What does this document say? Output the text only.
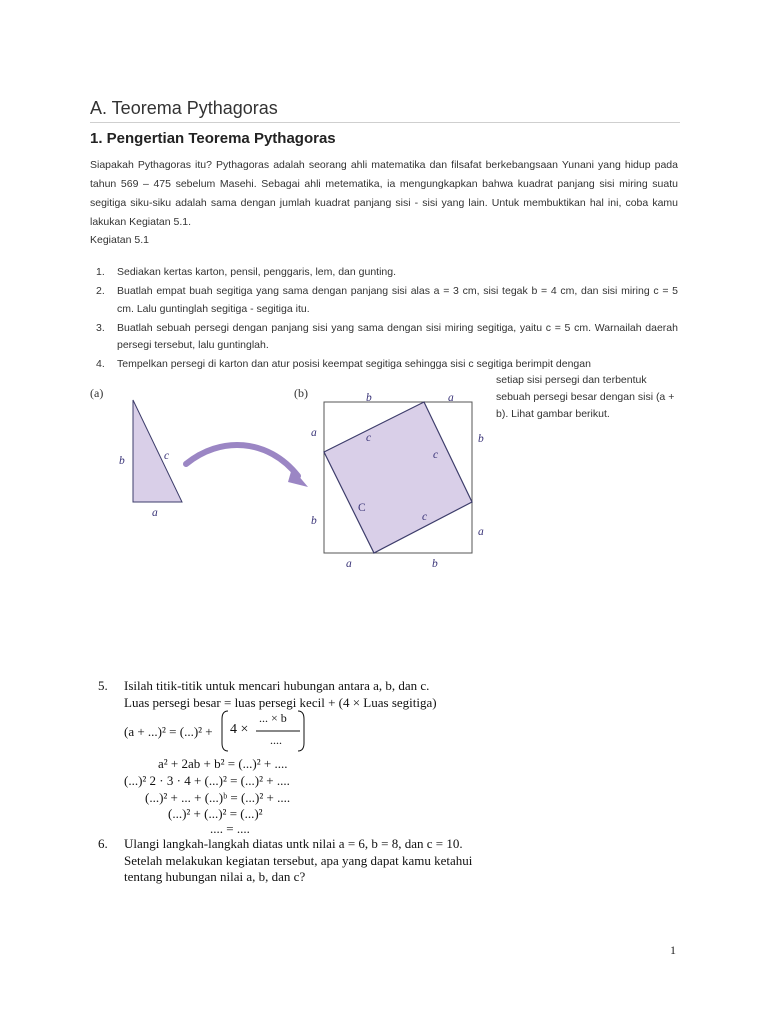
A. Teorema Pythagoras
1. Pengertian Teorema Pythagoras
Siapakah Pythagoras itu? Pythagoras adalah seorang ahli matematika dan filsafat berkebangsaan Yunani yang hidup pada tahun 569 – 475 sebelum Masehi. Sebagai ahli metematika, ia mengungkapkan bahwa kuadrat panjang sisi miring suatu segitiga siku-siku adalah sama dengan jumlah kuadrat panjang sisi - sisi yang lain. Untuk membuktikan hal ini, coba kamu lakukan Kegiatan 5.1.
Kegiatan 5.1
1.	Sediakan kertas karton, pensil, penggaris, lem, dan gunting.
2.	Buatlah empat buah segitiga yang sama dengan panjang sisi alas a = 3 cm, sisi tegak b = 4 cm, dan sisi miring c = 5 cm. Lalu guntinglah segitiga - segitiga itu.
3.	Buatlah sebuah persegi dengan panjang sisi yang sama dengan sisi miring segitiga, yaitu c = 5 cm. Warnailah daerah persegi tersebut, lalu guntinglah.
4.	Tempelkan persegi di karton dan atur posisi keempat segitiga sehingga sisi c segitiga berimpit dengan
setiap sisi persegi dan terbentuk sebuah persegi besar dengan sisi (a + b). Lihat gambar berikut.
(a)	(b)
b	c
a
b	a
a
b
b
a
a	b
c
c
C
c
5. Isilah titik-titik untuk mencari hubungan antara a, b, dan c.
Luas persegi besar = luas persegi kecil + (4 × Luas segitiga)
(a + ...)² = (...)² + 4 ×
... × b
....
a² + 2ab + b² = (...)² + ....
(...)² 2 · 3 · 4 + (...)² = (...)² + ....
(...)² + ... + (...)ᵇ = (...)² + ....
(...)² + (...)² = (...)²
.... = ....
6. Ulangi langkah-langkah diatas untk nilai a = 6, b = 8, dan c = 10.
Setelah melakukan kegiatan tersebut, apa yang dapat kamu ketahui
tentang hubungan nilai a, b, dan c?
1
